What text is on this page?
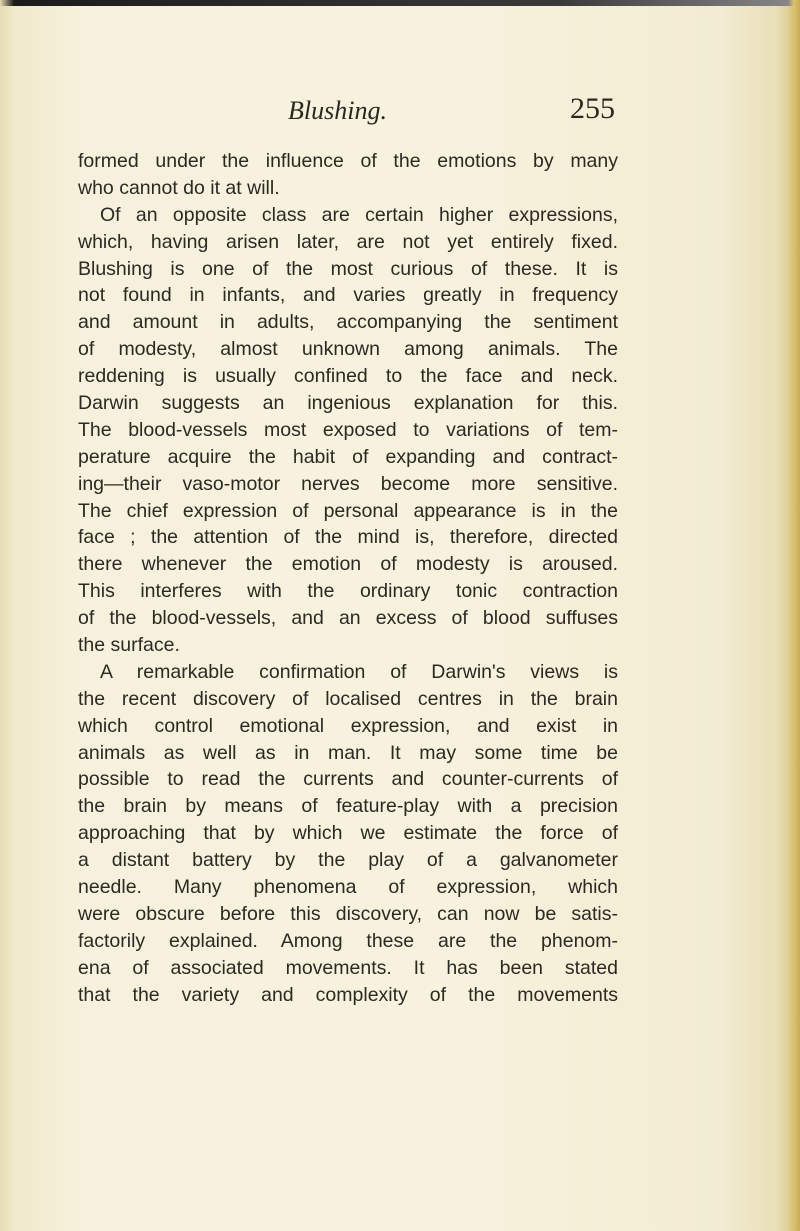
Blushing.	255
formed under the influence of the emotions by many
who cannot do it at will.
Of an opposite class are certain higher expressions,
which, having arisen later, are not yet entirely fixed.
Blushing is one of the most curious of these. It is
not found in infants, and varies greatly in frequency
and amount in adults, accompanying the sentiment
of modesty, almost unknown among animals. The
reddening is usually confined to the face and neck.
Darwin suggests an ingenious explanation for this.
The blood-vessels most exposed to variations of tem-
perature acquire the habit of expanding and contract-
ing—their vaso-motor nerves become more sensitive.
The chief expression of personal appearance is in the
face ; the attention of the mind is, therefore, directed
there whenever the emotion of modesty is aroused.
This interferes with the ordinary tonic contraction
of the blood-vessels, and an excess of blood suffuses
the surface.
A remarkable confirmation of Darwin's views is
the recent discovery of localised centres in the brain
which control emotional expression, and exist in
animals as well as in man. It may some time be
possible to read the currents and counter-currents of
the brain by means of feature-play with a precision
approaching that by which we estimate the force of
a distant battery by the play of a galvanometer
needle. Many phenomena of expression, which
were obscure before this discovery, can now be satis-
factorily explained. Among these are the phenom-
ena of associated movements. It has been stated
that the variety and complexity of the movements
